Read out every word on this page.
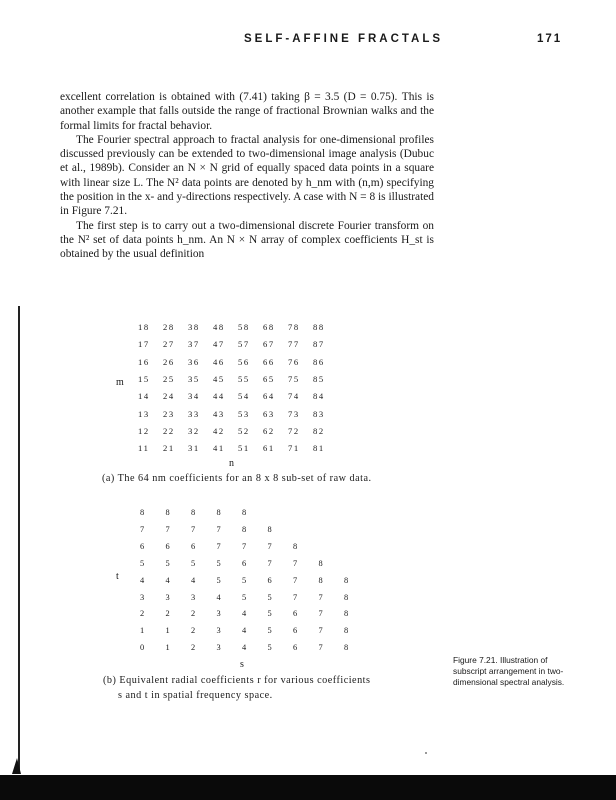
SELF-AFFINE FRACTALS	171

excellent correlation is obtained with (7.41) taking β = 3.5 (D = 0.75). This is another example that falls outside the range of fractional Brownian walks and the formal limits for fractal behavior.

The Fourier spectral approach to fractal analysis for one-dimensional profiles discussed previously can be extended to two-dimensional image analysis (Dubuc et al., 1989b). Consider an N × N grid of equally spaced data points in a square with linear size L. The N² data points are denoted by h_nm with (n,m) specifying the position in the x- and y-directions respectively. A case with N = 8 is illustrated in Figure 7.21.

The first step is to carry out a two-dimensional discrete Fourier transform on the N² set of data points h_nm. An N × N array of complex coefficients H_st is obtained by the usual definition

18 28 38 48 58 68 78 88
17 27 37 47 57 67 77 87
16 26 36 46 56 66 76 86
15 25 35 45 55 65 75 85
14 24 34 44 54 64 74 84
13 23 33 43 53 63 73 83
12 22 32 42 52 62 72 82
11 21 31 41 51 61 71 81
m
n
(a) The 64 nm coefficients for an 8 x 8 sub-set of raw data.
8	8	8	8	8
7	7	7	7	8	8
6	6	6	7	7	7	8
5	5	5	5	6	7	7	8
4	4	4	5	5	6	7	8	8
3	3	3	4	5	5	7	7	8
2	2	2	3	4	5	6	7	8
1	1	2	3	4	5	6	7	8
0	1	2	3	4	5	6	7	8
t
s
(b) Equivalent radial coefficients r for various coefficients
s and t in spatial frequency space.
Figure 7.21. Illustration of subscript arrangement in two-dimensional spectral analysis.
